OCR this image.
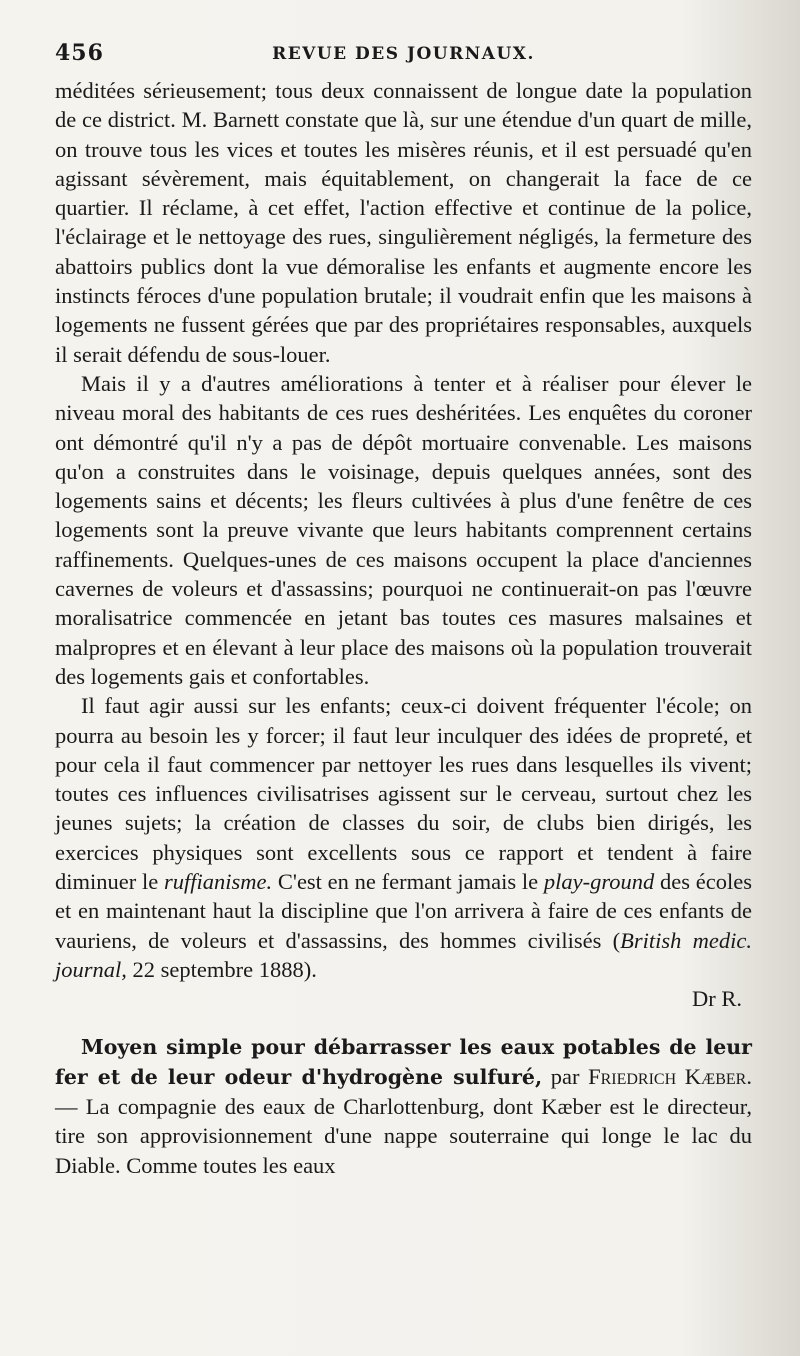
456	REVUE DES JOURNAUX.

méditées sérieusement; tous deux connaissent de longue date la population de ce district. M. Barnett constate que là, sur une étendue d'un quart de mille, on trouve tous les vices et toutes les misères réunis, et il est persuadé qu'en agissant sévèrement, mais équitablement, on changerait la face de ce quartier. Il réclame, à cet effet, l'action effective et continue de la police, l'éclairage et le nettoyage des rues, singulièrement négligés, la fermeture des abattoirs publics dont la vue démoralise les enfants et augmente encore les instincts féroces d'une population brutale; il voudrait enfin que les maisons à logements ne fussent gérées que par des propriétaires responsables, auxquels il serait défendu de sous-louer.

Mais il y a d'autres améliorations à tenter et à réaliser pour élever le niveau moral des habitants de ces rues deshéritées. Les enquêtes du coroner ont démontré qu'il n'y a pas de dépôt mortuaire convenable. Les maisons qu'on a construites dans le voisinage, depuis quelques années, sont des logements sains et décents; les fleurs cultivées à plus d'une fenêtre de ces logements sont la preuve vivante que leurs habitants comprennent certains raffinements. Quelques-unes de ces maisons occupent la place d'anciennes cavernes de voleurs et d'assassins; pourquoi ne continuerait-on pas l'œuvre moralisatrice commencée en jetant bas toutes ces masures malsaines et malpropres et en élevant à leur place des maisons où la population trouverait des logements gais et confortables.

Il faut agir aussi sur les enfants; ceux-ci doivent fréquenter l'école; on pourra au besoin les y forcer; il faut leur inculquer des idées de propreté, et pour cela il faut commencer par nettoyer les rues dans lesquelles ils vivent; toutes ces influences civilisatrises agissent sur le cerveau, surtout chez les jeunes sujets; la création de classes du soir, de clubs bien dirigés, les exercices physiques sont excellents sous ce rapport et tendent à faire diminuer le ruffianisme. C'est en ne fermant jamais le play-ground des écoles et en maintenant haut la discipline que l'on arrivera à faire de ces enfants de vauriens, de voleurs et d'assassins, des hommes civilisés (British medic. journal, 22 septembre 1888).

Dr R.

Moyen simple pour débarrasser les eaux potables de leur fer et de leur odeur d'hydrogène sulfuré, par Friedrich Kæber. — La compagnie des eaux de Charlottenburg, dont Kæber est le directeur, tire son approvisionnement d'une nappe souterraine qui longe le lac du Diable. Comme toutes les eaux
